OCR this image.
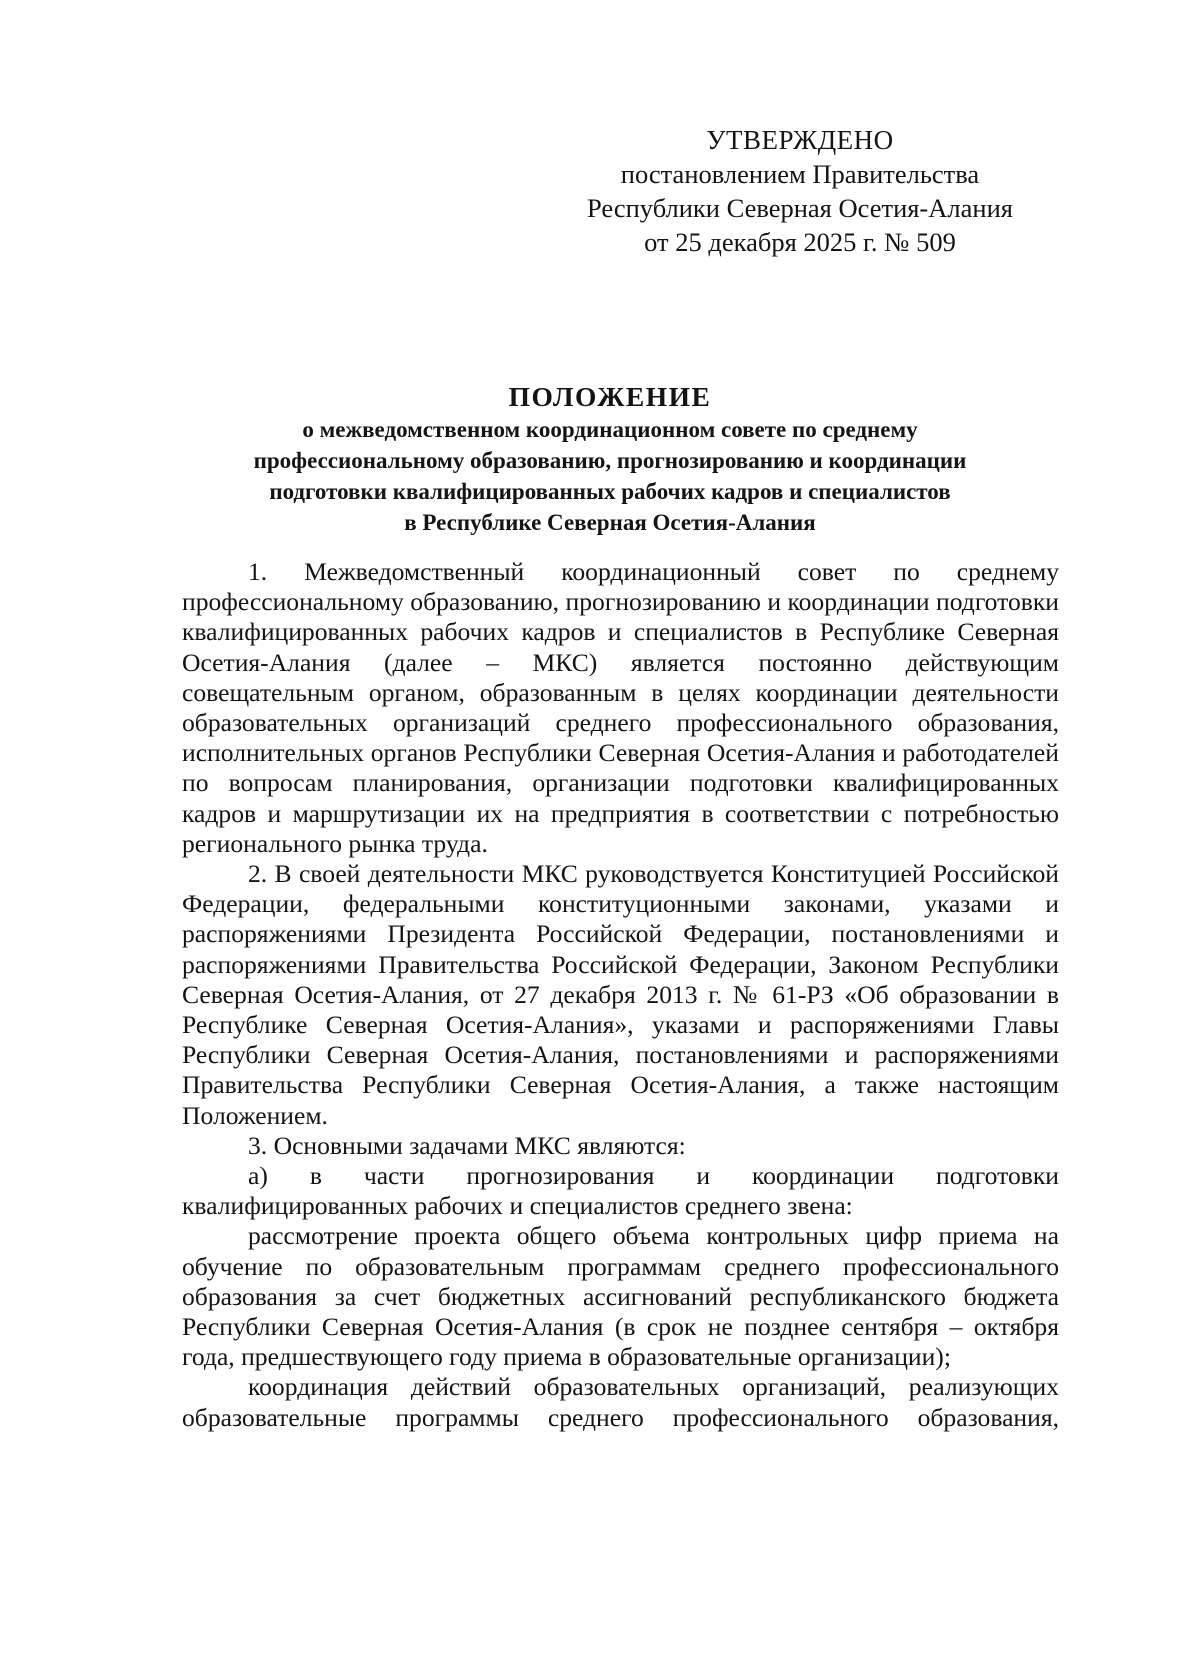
УТВЕРЖДЕНО
постановлением Правительства
Республики Северная Осетия-Алания
от 25 декабря 2025 г. № 509
ПОЛОЖЕНИЕ
о межведомственном координационном совете по среднему
профессиональному образованию, прогнозированию и координации
подготовки квалифицированных рабочих кадров и специалистов
в Республике Северная Осетия-Алания

1. Межведомственный координационный совет по среднему профессиональному образованию, прогнозированию и координации подготовки квалифицированных рабочих кадров и специалистов в Республике Северная Осетия-Алания (далее – МКС) является постоянно действующим совещательным органом, образованным в целях координации деятельности образовательных организаций среднего профессионального образования, исполнительных органов Республики Северная Осетия-Алания и работодателей по вопросам планирования, организации подготовки квалифицированных кадров и маршрутизации их на предприятия в соответствии с потребностью регионального рынка труда.

2. В своей деятельности МКС руководствуется Конституцией Российской Федерации, федеральными конституционными законами, указами и распоряжениями Президента Российской Федерации, постановлениями и распоряжениями Правительства Российской Федерации, Законом Республики Северная Осетия-Алания, от 27 декабря 2013 г. № 61-РЗ «Об образовании в Республике Северная Осетия-Алания», указами и распоряжениями Главы Республики Северная Осетия-Алания, постановлениями и распоряжениями Правительства Республики Северная Осетия-Алания, а также настоящим Положением.

3. Основными задачами МКС являются:

а) в части прогнозирования и координации подготовки квалифицированных рабочих и специалистов среднего звена:

рассмотрение проекта общего объема контрольных цифр приема на обучение по образовательным программам среднего профессионального образования за счет бюджетных ассигнований республиканского бюджета Республики Северная Осетия-Алания (в срок не позднее сентября – октября года, предшествующего году приема в образовательные организации);

координация действий образовательных организаций, реализующих образовательные программы среднего профессионального образования,
